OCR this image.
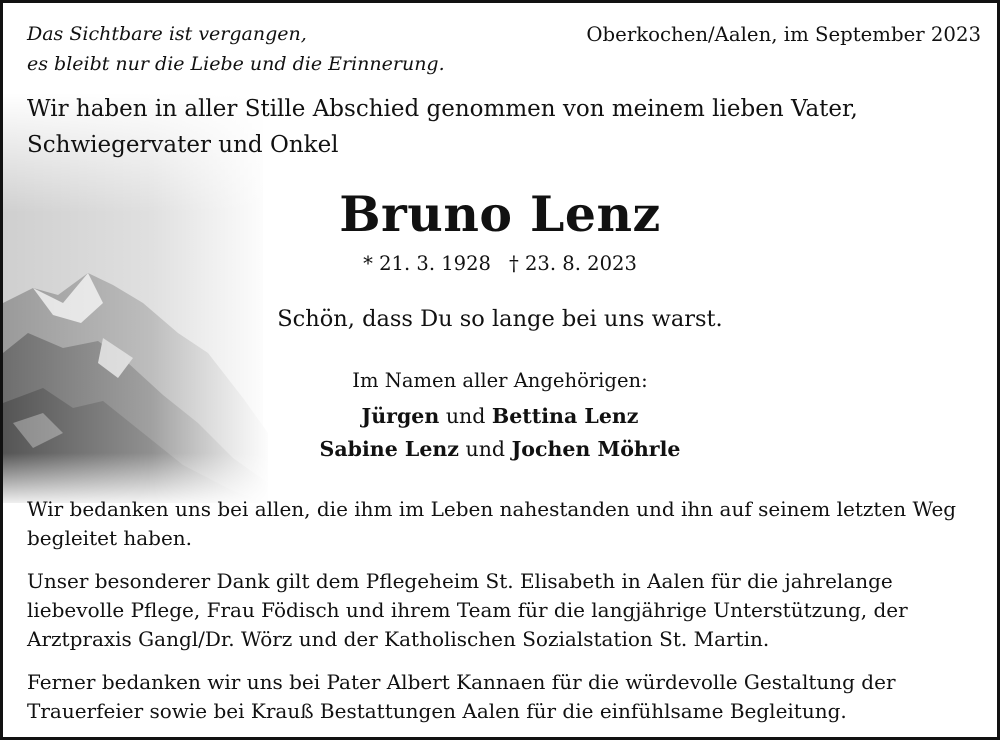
Das Sichtbare ist vergangen,
es bleibt nur die Liebe und die Erinnerung.
Oberkochen/Aalen, im September 2023
Wir haben in aller Stille Abschied genommen von meinem lieben Vater,
Schwiegervater und Onkel
Bruno Lenz
* 21. 3. 1928 † 23. 8. 2023
Schön, dass Du so lange bei uns warst.
Im Namen aller Angehörigen:
Jürgen und Bettina Lenz
Sabine Lenz und Jochen Möhrle
Wir bedanken uns bei allen, die ihm im Leben nahestanden und ihn auf seinem letzten Weg
begleitet haben.
Unser besonderer Dank gilt dem Pflegeheim St. Elisabeth in Aalen für die jahrelange
liebevolle Pflege, Frau Födisch und ihrem Team für die langjährige Unterstützung, der
Arztpraxis Gangl/Dr. Wörz und der Katholischen Sozialstation St. Martin.
Ferner bedanken wir uns bei Pater Albert Kannaen für die würdevolle Gestaltung der
Trauerfeier sowie bei Krauß Bestattungen Aalen für die einfühlsame Begleitung.
